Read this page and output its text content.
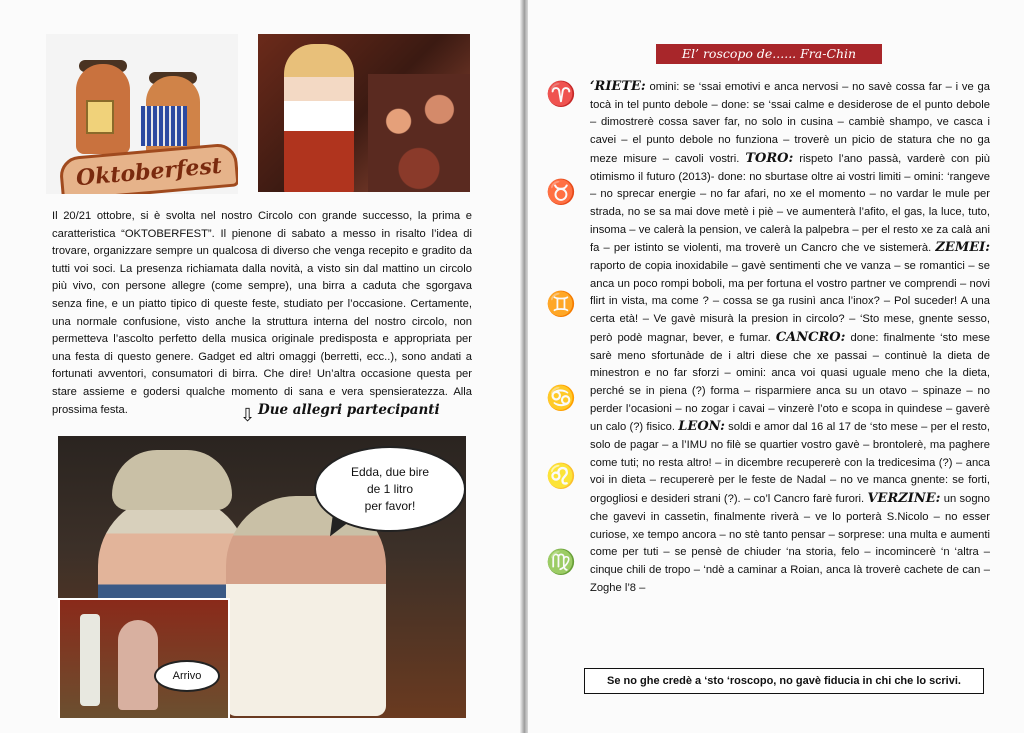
Oktoberfest
Il 20/21 ottobre, si è svolta nel nostro Circolo con grande successo, la prima e caratteristica “OKTOBERFEST”. Il pienone di sabato a messo in risalto l’idea di trovare, organizzare sempre un qualcosa di diverso che venga recepito e gradito da tutti voi soci. La presenza richiamata dalla novità, a visto sin dal mattino un circolo più vivo, con persone allegre (come sempre), una birra a caduta che sgorgava senza fine, e un piatto tipico di queste feste, studiato per l’occasione. Certamente, una normale confusione, visto anche la struttura interna del nostro circolo, non permetteva l’ascolto perfetto della musica originale predisposta e appropriata per una festa di questo genere. Gadget ed altri omaggi (berretti, ecc..), sono andati a fortunati avventori, consumatori di birra. Che dire! Un’altra occasione questa per stare assieme e godersi qualche momento di sana e vera spensieratezza. Alla prossima festa.	⇩ Due allegri partecipanti
Edda, due bire
de 1 litro
per favor!
Arrivo
El’ roscopo de...... Fra-Chin
♈
♉
♊
♋
♌
♍
‘RIETE: omini: se ‘ssai emotivi e anca nervosi – no savè cossa far – i ve ga tocà in tel punto debole – done: se ‘ssai calme e desiderose de el punto debole – dimostrerè cossa saver far, no solo in cusina – cambiè shampo, ve casca i cavei – el punto debole no funziona – troverè un picio de statura che no ga meze misure – cavoli vostri. TORO: rispeto l’ano passà, varderè con più otimismo il futuro (2013)- done: no sburtase oltre ai vostri limiti – omini: ‘rangeve – no sprecar energie – no far afari, no xe el momento – no vardar le mule per strada, no se sa mai dove metè i piè – ve aumenterà l’afito, el gas, la luce, tuto, insoma – ve calerà la pension, ve calerà la palpebra – per el resto xe za calà ani fa – per istinto se violenti, ma troverè un Cancro che ve sistemerà. ZEMEI: raporto de copia inoxidabile – gavè sentimenti che ve vanza – se romantici – se anca un poco rompi boboli, ma per fortuna el vostro partner ve comprendi – novi flirt in vista, ma come ? – cossa se ga rusinì anca l’inox? – Pol suceder! A una certa età! – Ve gavè misurà la presion in circolo? – ‘Sto mese, gnente sesso, però podè magnar, bever, e fumar. CANCRO: done: finalmente ‘sto mese sarè meno sfortunàde de i altri diese che xe passai – continuè la dieta de minestron e no far sforzi – omini: anca voi quasi uguale meno che la dieta, perché se in piena (?) forma – risparmiere anca su un otavo – spinaze – no perder l’ocasioni – no zogar i cavai – vinzerè l’oto e scopa in quindese – gaverè un calo (?) fisico. LEON: soldi e amor dal 16 al 17 de ‘sto mese – per el resto, solo de pagar – a l’IMU no filè se quartier vostro gavè – brontolerè, ma paghere come tuti; no resta altro! – in dicembre recupererè con la tredicesima (?) – anca voi in dieta – recupererè per le feste de Nadal – no ve manca gnente: se forti, orgogliosi e desideri strani (?). – co’l Cancro farè furori. VERZINE: un sogno che gavevi in cassetin, finalmente riverà – ve lo porterà S.Nicolo – no esser curiose, xe tempo ancora – no stè tanto pensar – sorprese: una multa e aumenti come per tuti – se pensè de chiuder ‘na storia, felo – incomincerè ‘n ‘altra – cinque chili de tropo – ‘ndè a caminar a Roian, anca là troverè cachete de can – Zoghe l’8 –
Se no ghe credè a ‘sto ‘roscopo, no gavè fiducia in chi che lo scrivi.
